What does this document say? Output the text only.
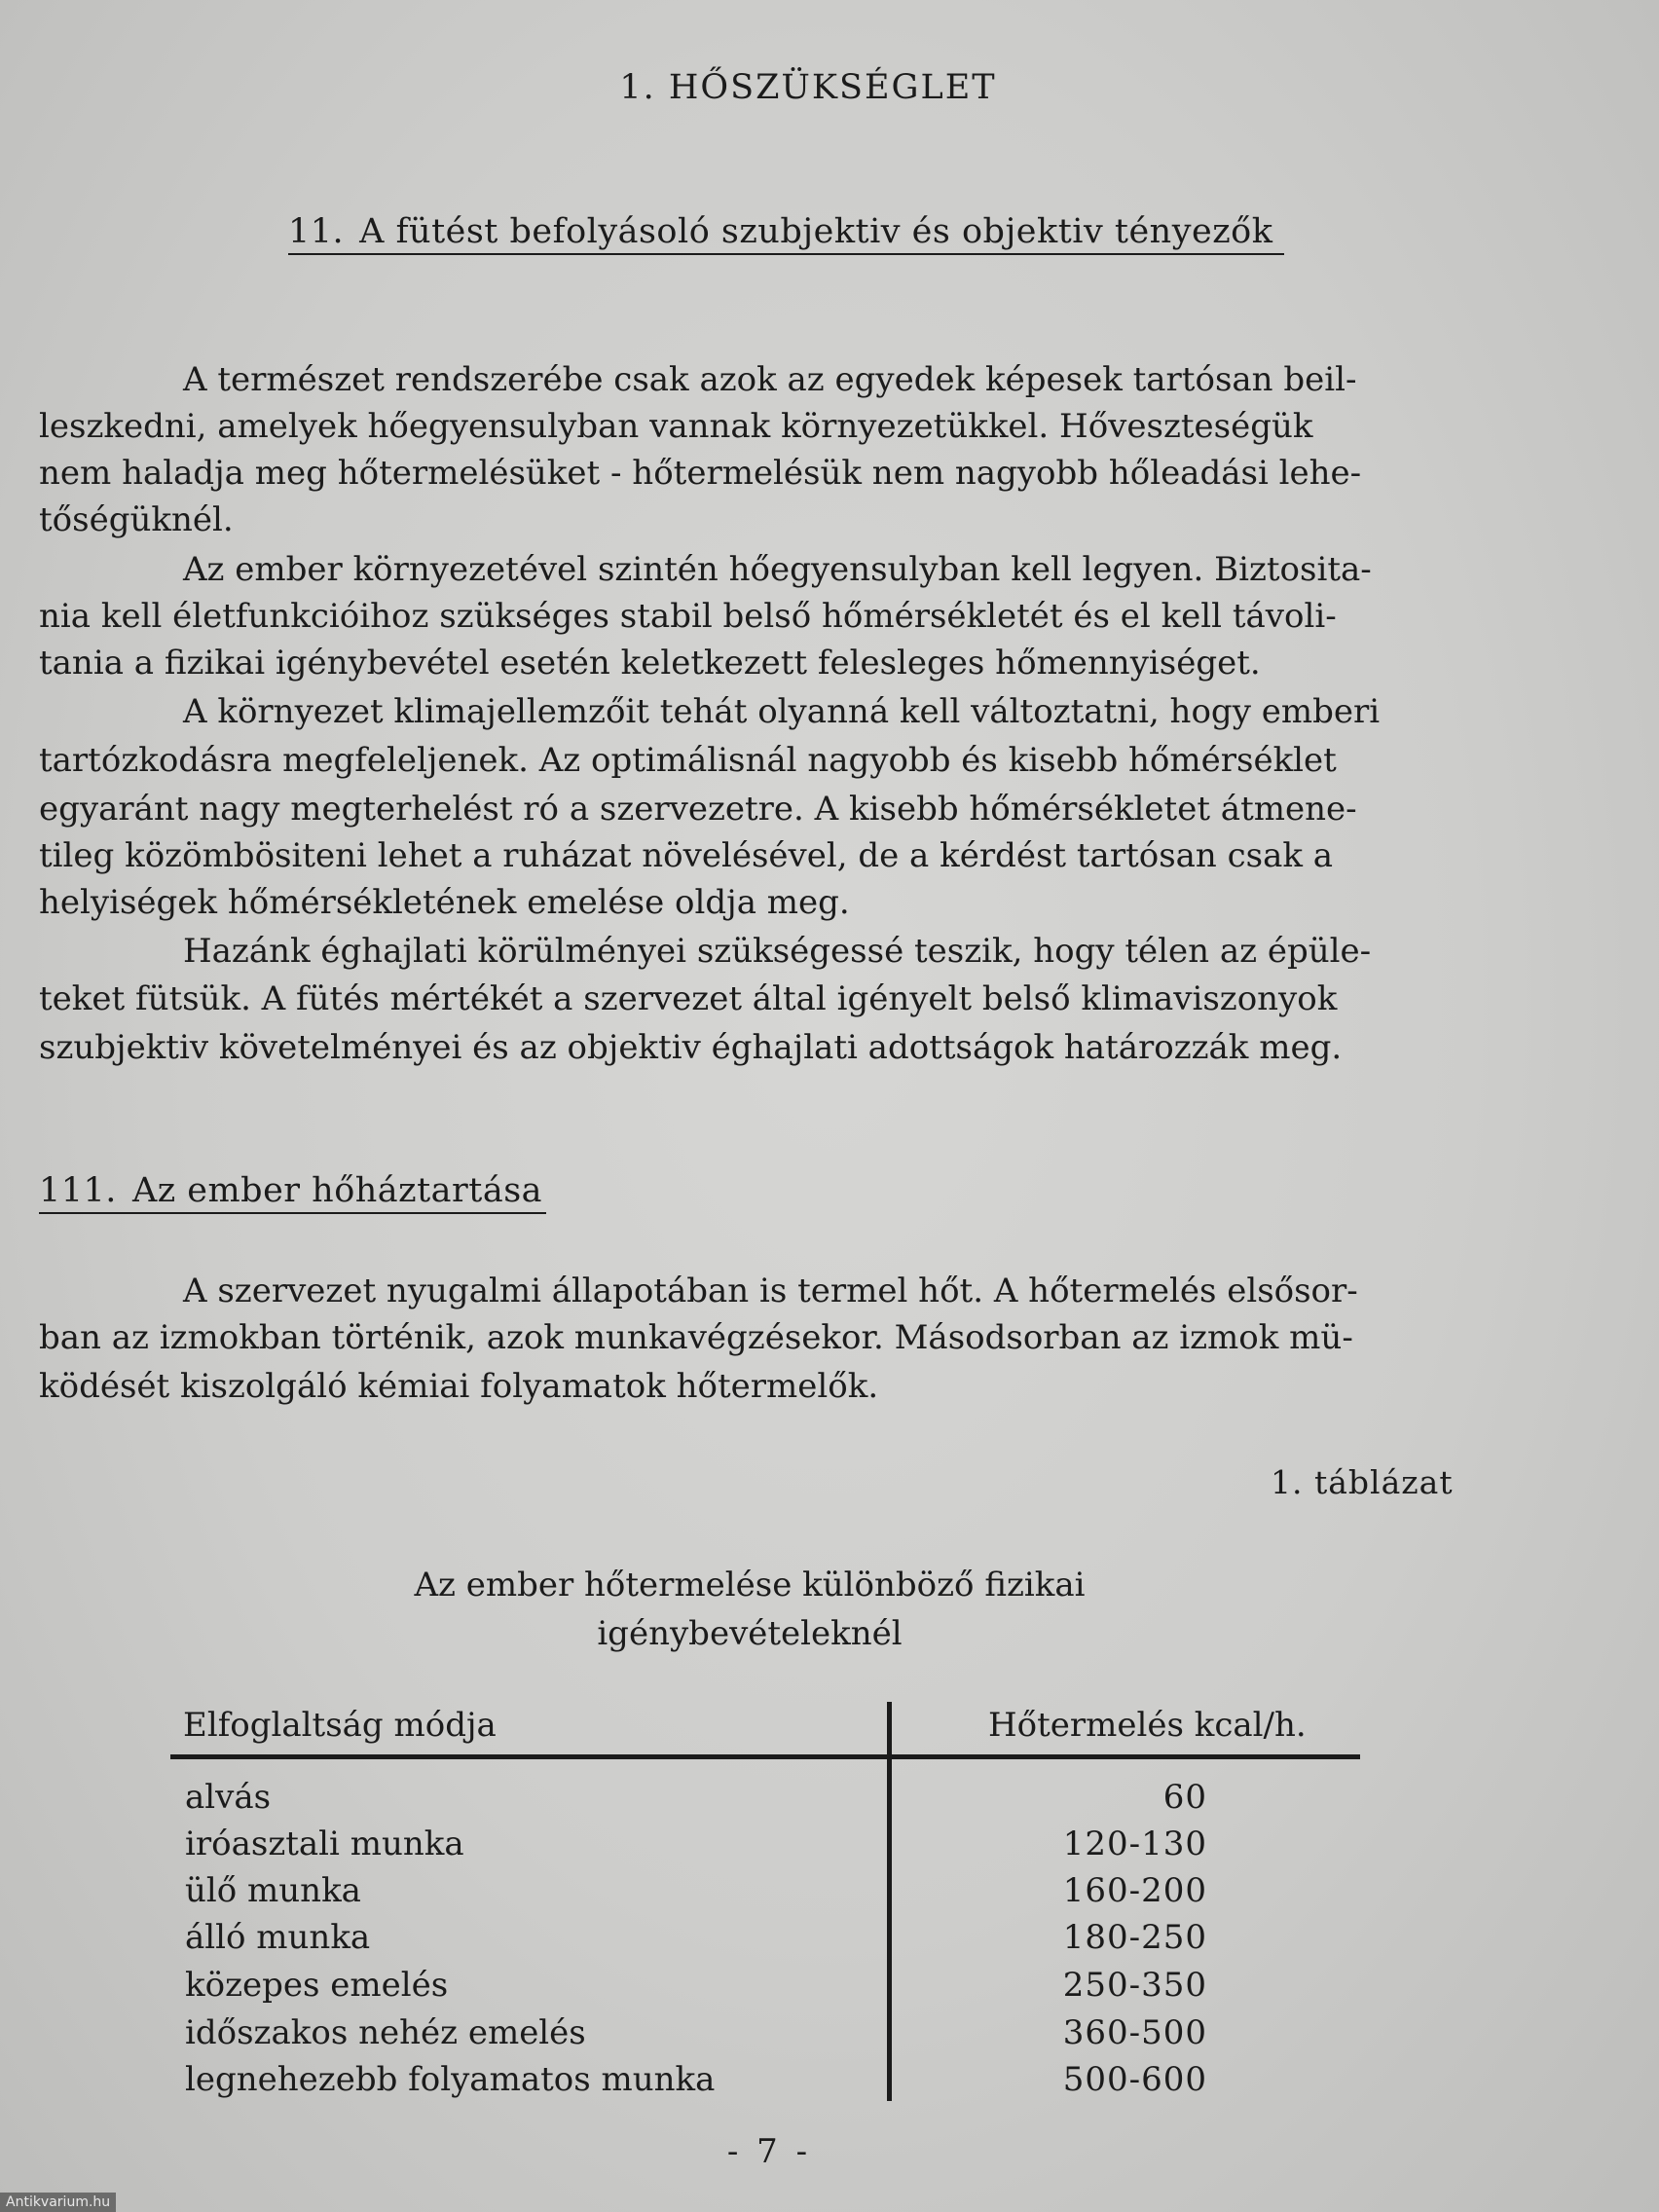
1. HŐSZÜKSÉGLET
11. A fütést befolyásoló szubjektiv és objektiv tényezők
A természet rendszerébe csak azok az egyedek képesek tartósan beil-
leszkedni, amelyek hőegyensulyban vannak környezetükkel. Hőveszteségük
nem haladja meg hőtermelésüket - hőtermelésük nem nagyobb hőleadási lehe-
tőségüknél.
Az ember környezetével szintén hőegyensulyban kell legyen. Biztosita-
nia kell életfunkcióihoz szükséges stabil belső hőmérsékletét és el kell távoli-
tania a fizikai igénybevétel esetén keletkezett felesleges hőmennyiséget.
A környezet klimajellemzőit tehát olyanná kell változtatni, hogy emberi
tartózkodásra megfeleljenek. Az optimálisnál nagyobb és kisebb hőmérséklet
egyaránt nagy megterhelést ró a szervezetre. A kisebb hőmérsékletet átmene-
tileg közömbösiteni lehet a ruházat növelésével, de a kérdést tartósan csak a
helyiségek hőmérsékletének emelése oldja meg.
Hazánk éghajlati körülményei szükségessé teszik, hogy télen az épüle-
teket fütsük. A fütés mértékét a szervezet által igényelt belső klimaviszonyok
szubjektiv követelményei és az objektiv éghajlati adottságok határozzák meg.
111. Az ember hőháztartása
A szervezet nyugalmi állapotában is termel hőt. A hőtermelés elsősor-
ban az izmokban történik, azok munkavégzésekor. Másodsorban az izmok mü-
ködését kiszolgáló kémiai folyamatok hőtermelők.
1. táblázat
Az ember hőtermelése különböző fizikai
igénybevételeknél
Elfoglaltság módja	Hőtermelés kcal/h.
alvás	60
iróasztali munka	120-130
ülő munka	160-200
álló munka	180-250
közepes emelés	250-350
időszakos nehéz emelés	360-500
legnehezebb folyamatos munka	500-600
- 7 -
Antikvarium.hu
